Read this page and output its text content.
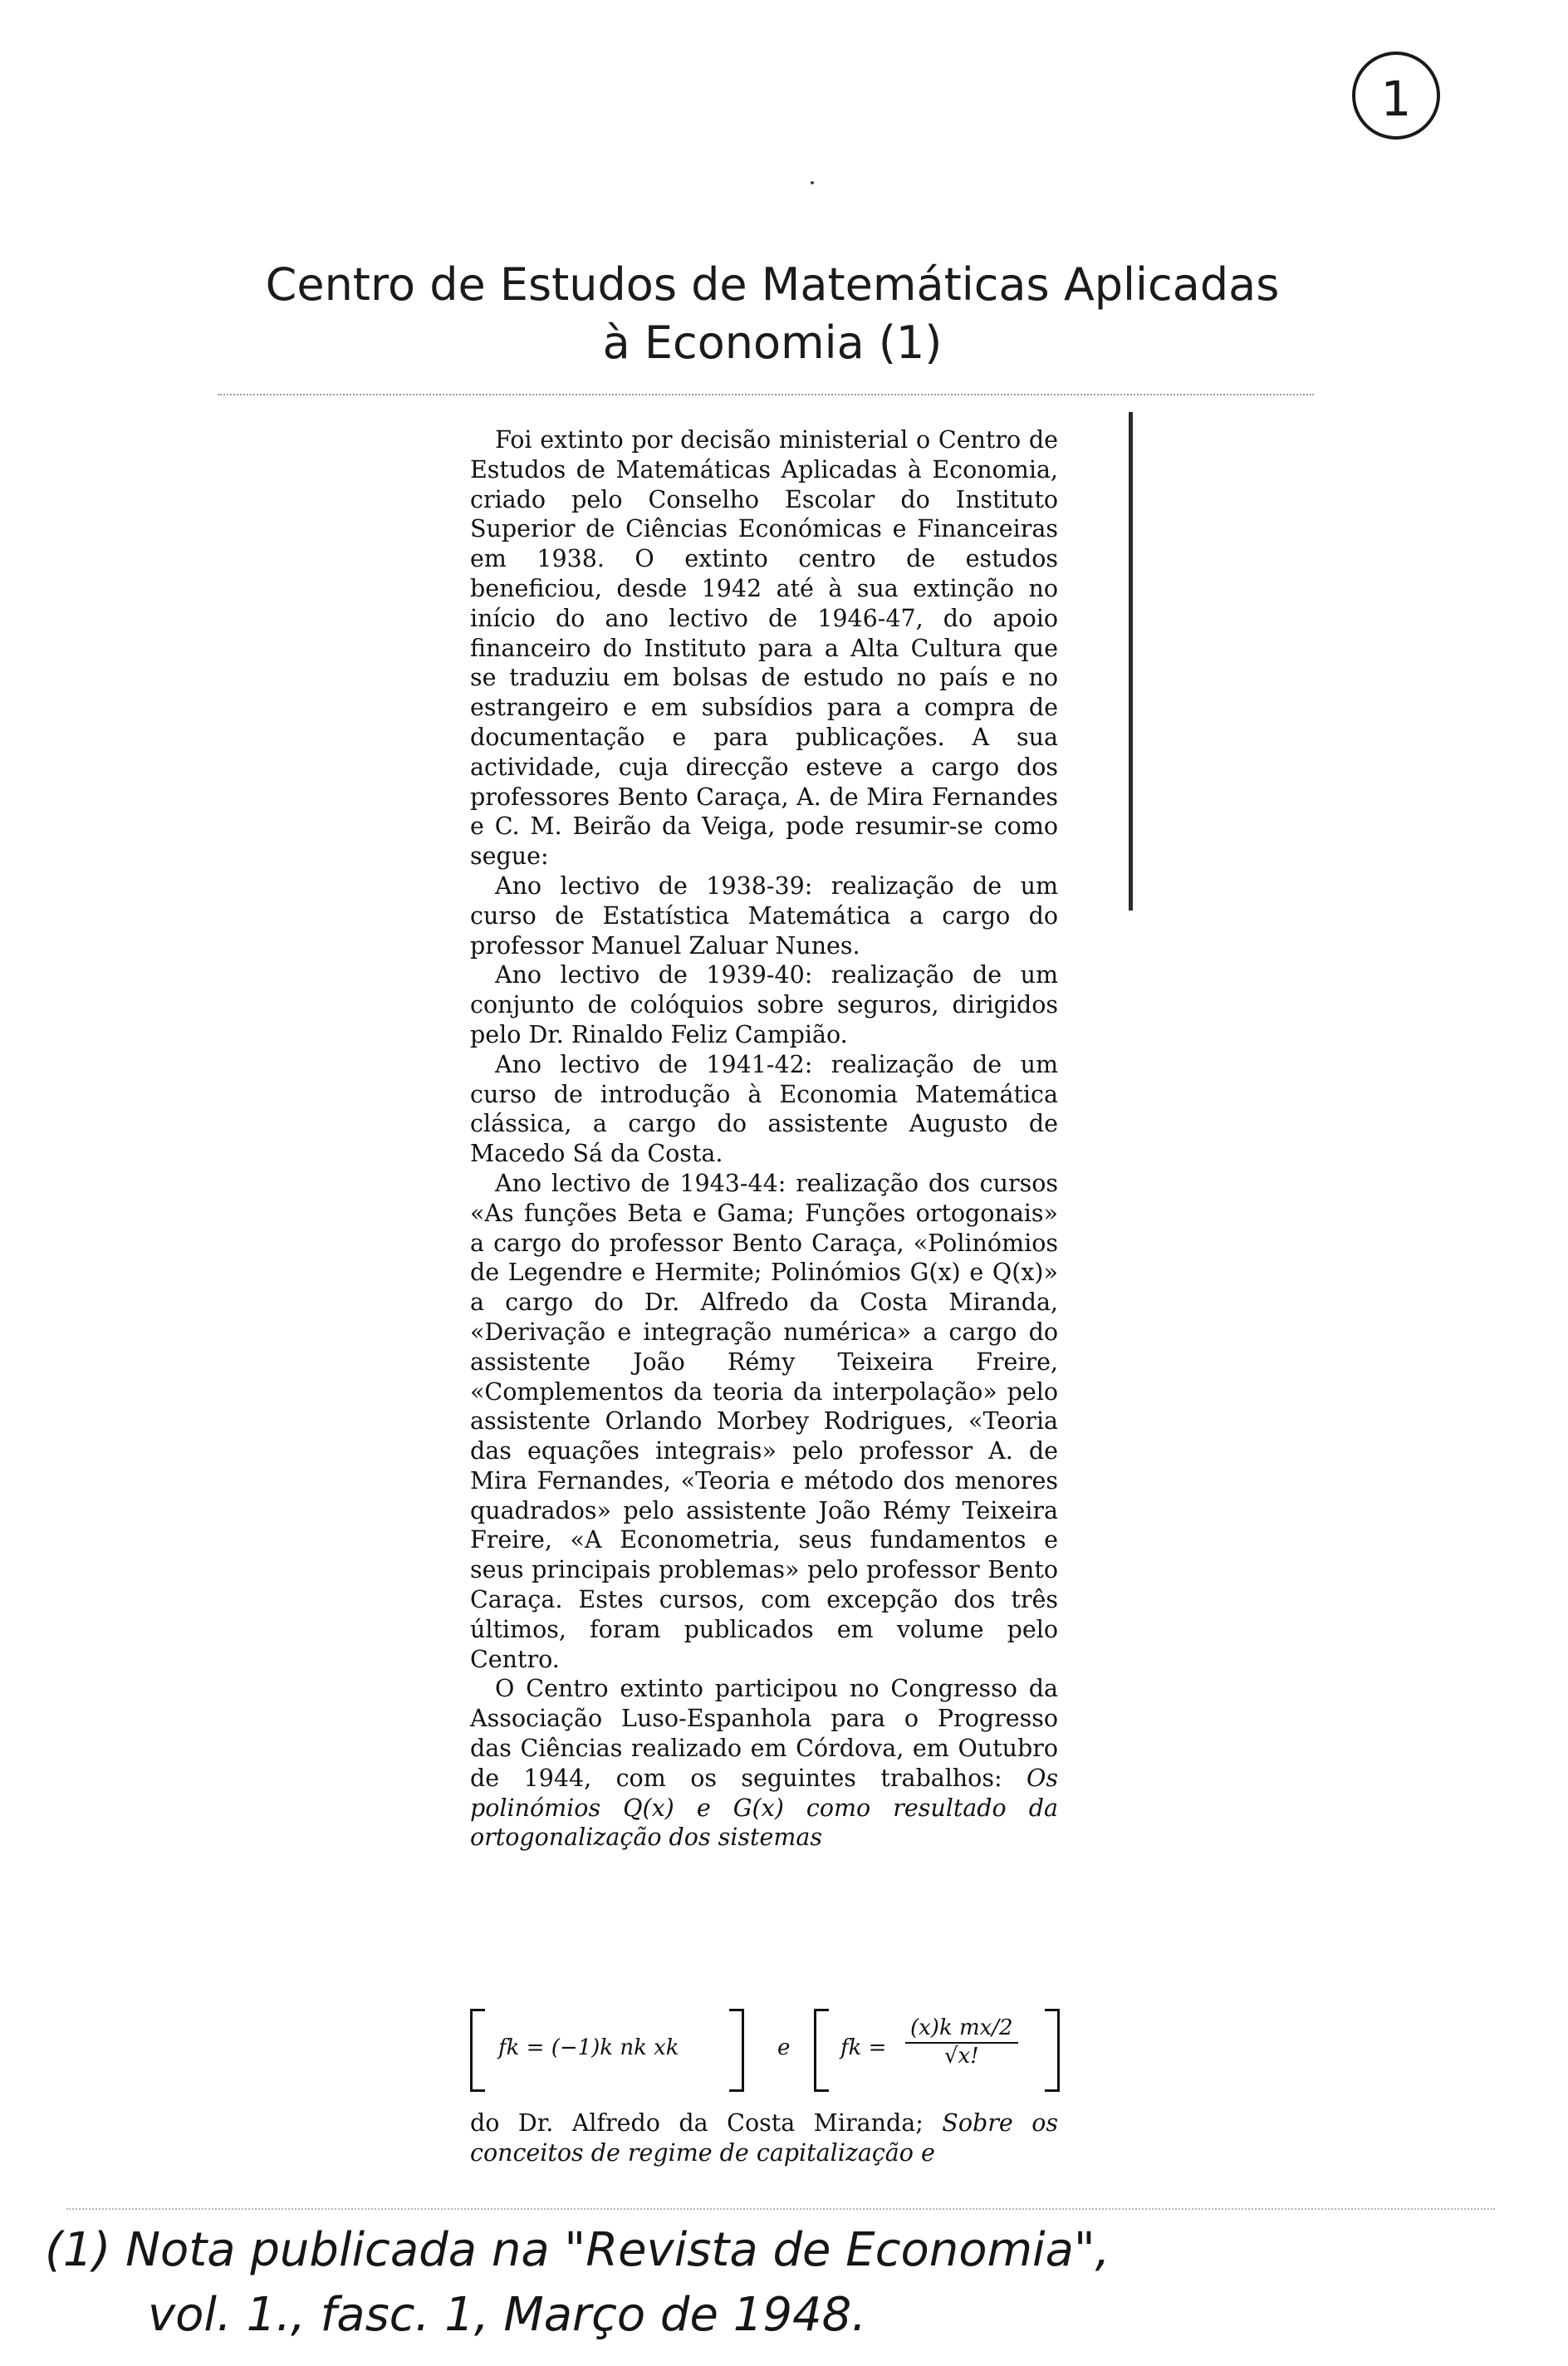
1
Centro de Estudos de Matemáticas Aplicadas
à Economia (1)

Foi extinto por decisão ministerial o Centro de Estudos de Matemáticas Aplicadas à Economia, criado pelo Conselho Escolar do Instituto Superior de Ciências Económicas e Financeiras em 1938. O extinto centro de estudos beneficiou, desde 1942 até à sua extinção no início do ano lectivo de 1946-47, do apoio financeiro do Instituto para a Alta Cultura que se traduziu em bolsas de estudo no país e no estrangeiro e em subsídios para a compra de documentação e para publicações. A sua actividade, cuja direcção esteve a cargo dos professores Bento Caraça, A. de Mira Fernandes e C. M. Beirão da Veiga, pode resumir-se como segue:

Ano lectivo de 1938-39: realização de um curso de Estatística Matemática a cargo do professor Manuel Zaluar Nunes.

Ano lectivo de 1939-40: realização de um conjunto de colóquios sobre seguros, dirigidos pelo Dr. Rinaldo Feliz Campião.

Ano lectivo de 1941-42: realização de um curso de introdução à Economia Matemática clássica, a cargo do assistente Augusto de Macedo Sá da Costa.

Ano lectivo de 1943-44: realização dos cursos «As funções Beta e Gama; Funções ortogonais» a cargo do professor Bento Caraça, «Polinómios de Legendre e Hermite; Polinómios G(x) e Q(x)» a cargo do Dr. Alfredo da Costa Miranda, «Derivação e integração numérica» a cargo do assistente João Rémy Teixeira Freire, «Complementos da teoria da interpolação» pelo assistente Orlando Morbey Rodrigues, «Teoria das equações integrais» pelo professor A. de Mira Fernandes, «Teoria e método dos menores quadrados» pelo assistente João Rémy Teixeira Freire, «A Econometria, seus fundamentos e seus principais problemas» pelo professor Bento Caraça. Estes cursos, com excepção dos três últimos, foram publicados em volume pelo Centro.

O Centro extinto participou no Congresso da Associação Luso-Espanhola para o Progresso das Ciências realizado em Córdova, em Outubro de 1944, com os seguintes trabalhos: Os polinómios Q(x) e G(x) como resultado da ortogonalização dos sistemas

fk = (−1)k nk xk	e fk =
(x)k mx/2
√x!

do Dr. Alfredo da Costa Miranda; Sobre os conceitos de regime de capitalização e

(1) Nota publicada na "Revista de Economia",

vol. 1., fasc. 1, Março de 1948.
